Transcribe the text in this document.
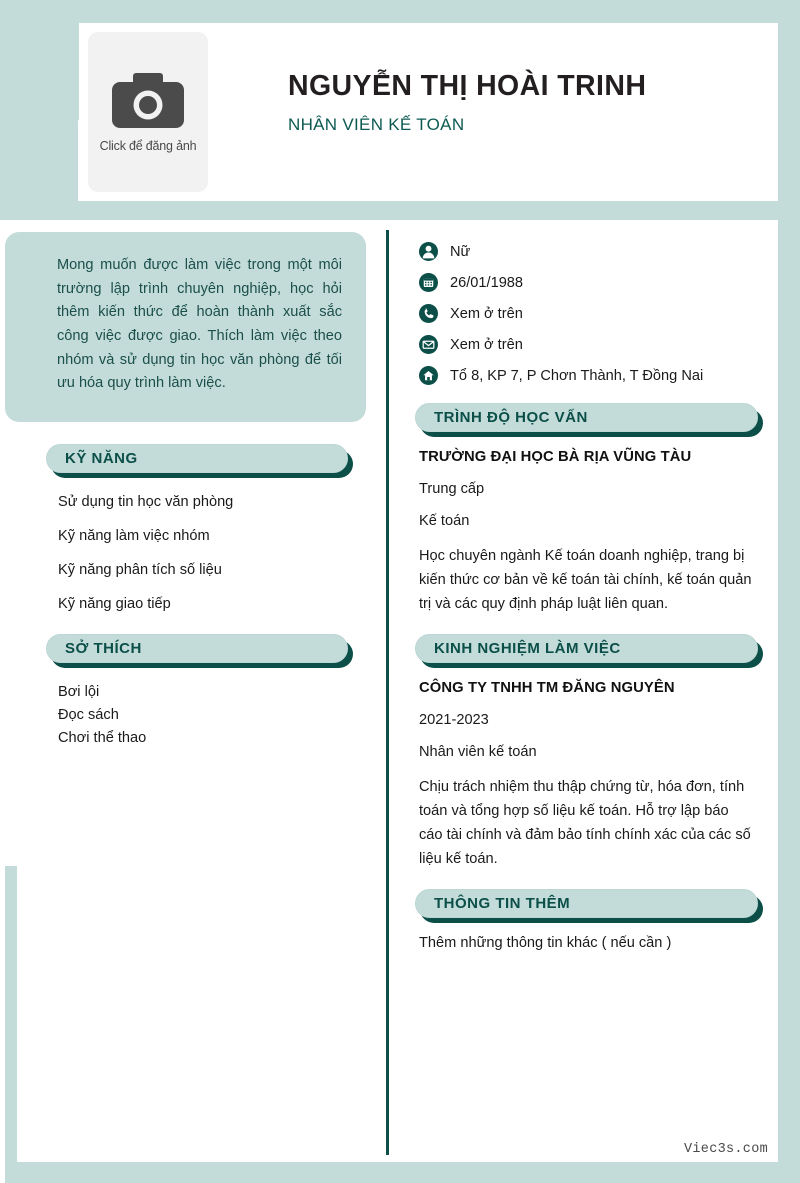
Click để đăng ảnh
NGUYỄN THỊ HOÀI TRINH
NHÂN VIÊN KẾ TOÁN
Mong muốn được làm việc trong một môi trường lập trình chuyên nghiệp, học hỏi thêm kiến thức để hoàn thành xuất sắc công việc được giao. Thích làm việc theo nhóm và sử dụng tin học văn phòng để tối ưu hóa quy trình làm việc.
KỸ NĂNG
Sử dụng tin học văn phòng
Kỹ năng làm việc nhóm
Kỹ năng phân tích số liệu
Kỹ năng giao tiếp
SỞ THÍCH
Bơi lội
Đọc sách
Chơi thể thao
Nữ
26/01/1988
Xem ở trên
Xem ở trên
Tổ 8, KP 7, P Chơn Thành, T Đồng Nai
TRÌNH ĐỘ HỌC VẤN
TRƯỜNG ĐẠI HỌC BÀ RỊA VŨNG TÀU
Trung cấp
Kế toán
Học chuyên ngành Kế toán doanh nghiệp, trang bị kiến thức cơ bản về kế toán tài chính, kế toán quản trị và các quy định pháp luật liên quan.
KINH NGHIỆM LÀM VIỆC
CÔNG TY TNHH TM ĐĂNG NGUYÊN
2021-2023
Nhân viên kế toán
Chịu trách nhiệm thu thập chứng từ, hóa đơn, tính toán và tổng hợp số liệu kế toán. Hỗ trợ lập báo cáo tài chính và đảm bảo tính chính xác của các số liệu kế toán.
THÔNG TIN THÊM
Thêm những thông tin khác ( nếu cần )
Viec3s.com
